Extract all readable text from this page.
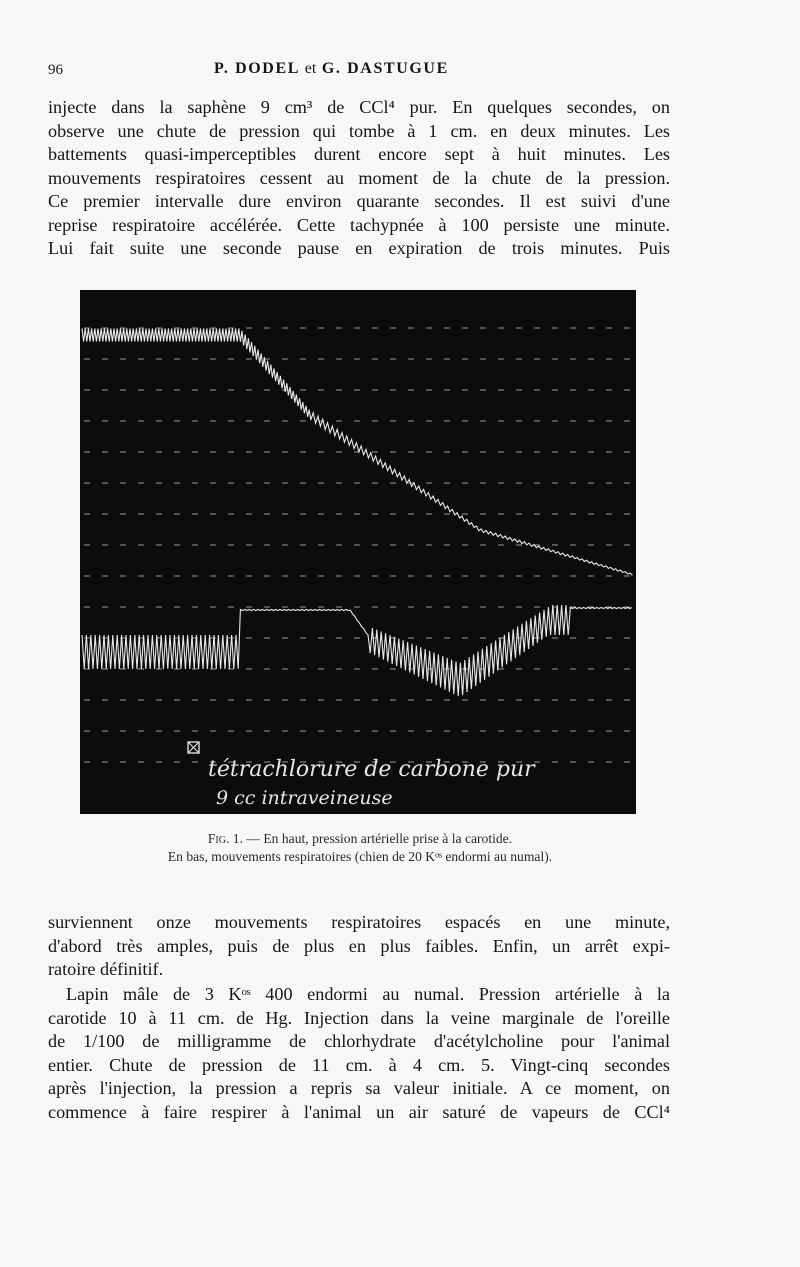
96	P. DODEL et G. DASTUGUE
injecte dans la saphène 9 cm³ de CCl⁴ pur. En quelques secondes, on
observe une chute de pression qui tombe à 1 cm. en deux minutes. Les
battements quasi-imperceptibles durent encore sept à huit minutes. Les
mouvements respiratoires cessent au moment de la chute de la pression.
Ce premier intervalle dure environ quarante secondes. Il est suivi d'une
reprise respiratoire accélérée. Cette tachypnée à 100 persiste une minute.
Lui fait suite une seconde pause en expiration de trois minutes. Puis
tétrachlorure de carbone pur
9 cc intraveineuse
Fig. 1. — En haut, pression artérielle prise à la carotide.
En bas, mouvements respiratoires (chien de 20 Kᵒˢ endormi au numal).
surviennent onze mouvements respiratoires espacés en une minute,
d'abord très amples, puis de plus en plus faibles. Enfin, un arrêt expi-
ratoire définitif.
Lapin mâle de 3 Kᵒˢ 400 endormi au numal. Pression artérielle à la
carotide 10 à 11 cm. de Hg. Injection dans la veine marginale de l'oreille
de 1/100 de milligramme de chlorhydrate d'acétylcholine pour l'animal
entier. Chute de pression de 11 cm. à 4 cm. 5. Vingt-cinq secondes
après l'injection, la pression a repris sa valeur initiale. A ce moment, on
commence à faire respirer à l'animal un air saturé de vapeurs de CCl⁴
